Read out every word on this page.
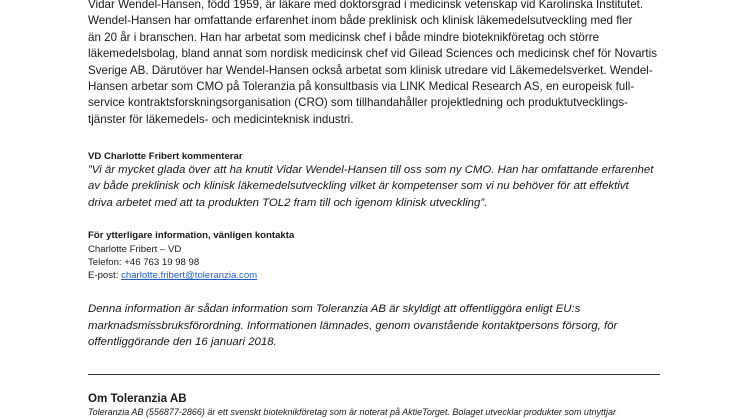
Vidar Wendel-Hansen, född 1959, är läkare med doktorsgrad i medicinsk vetenskap vid Karolinska Institutet.
Wendel-Hansen har omfattande erfarenhet inom både preklinisk och klinisk läkemedelsutveckling med fler
än 20 år i branschen. Han har arbetat som medicinsk chef i både mindre bioteknikföretag och större
läkemedelsbolag, bland annat som nordisk medicinsk chef vid Gilead Sciences och medicinsk chef för Novartis
Sverige AB. Därutöver har Wendel-Hansen också arbetat som klinisk utredare vid Läkemedelsverket. Wendel-
Hansen arbetar som CMO på Toleranzia på konsultbasis via LINK Medical Research AS, en europeisk full-
service kontraktsforskningsorganisation (CRO) som tillhandahåller projektledning och produktutvecklings-
tjänster för läkemedels- och medicinteknisk industri.

VD Charlotte Fribert kommenterar

”Vi är mycket glada över att ha knutit Vidar Wendel-Hansen till oss som ny CMO. Han har omfattande erfarenhet
av både preklinisk och klinisk läkemedelsutveckling vilket är kompetenser som vi nu behöver för att effektivt
driva arbetet med att ta produkten TOL2 fram till och igenom klinisk utveckling”.

För ytterligare information, vänligen kontakta

Charlotte Fribert – VD
Telefon: +46 763 19 98 98
E-post: charlotte.fribert@toleranzia.com
Denna information är sådan information som Toleranzia AB är skyldigt att offentliggöra enligt EU:s
marknadsmissbruksförordning. Informationen lämnades, genom ovanstående kontaktpersons försorg, för
offentliggörande den 16 januari 2018.

Om Toleranzia AB

Toleranzia AB (556877-2866) är ett svenskt bioteknikföretag som är noterat på AktieTorget. Bolaget utvecklar produkter som utnyttjar
